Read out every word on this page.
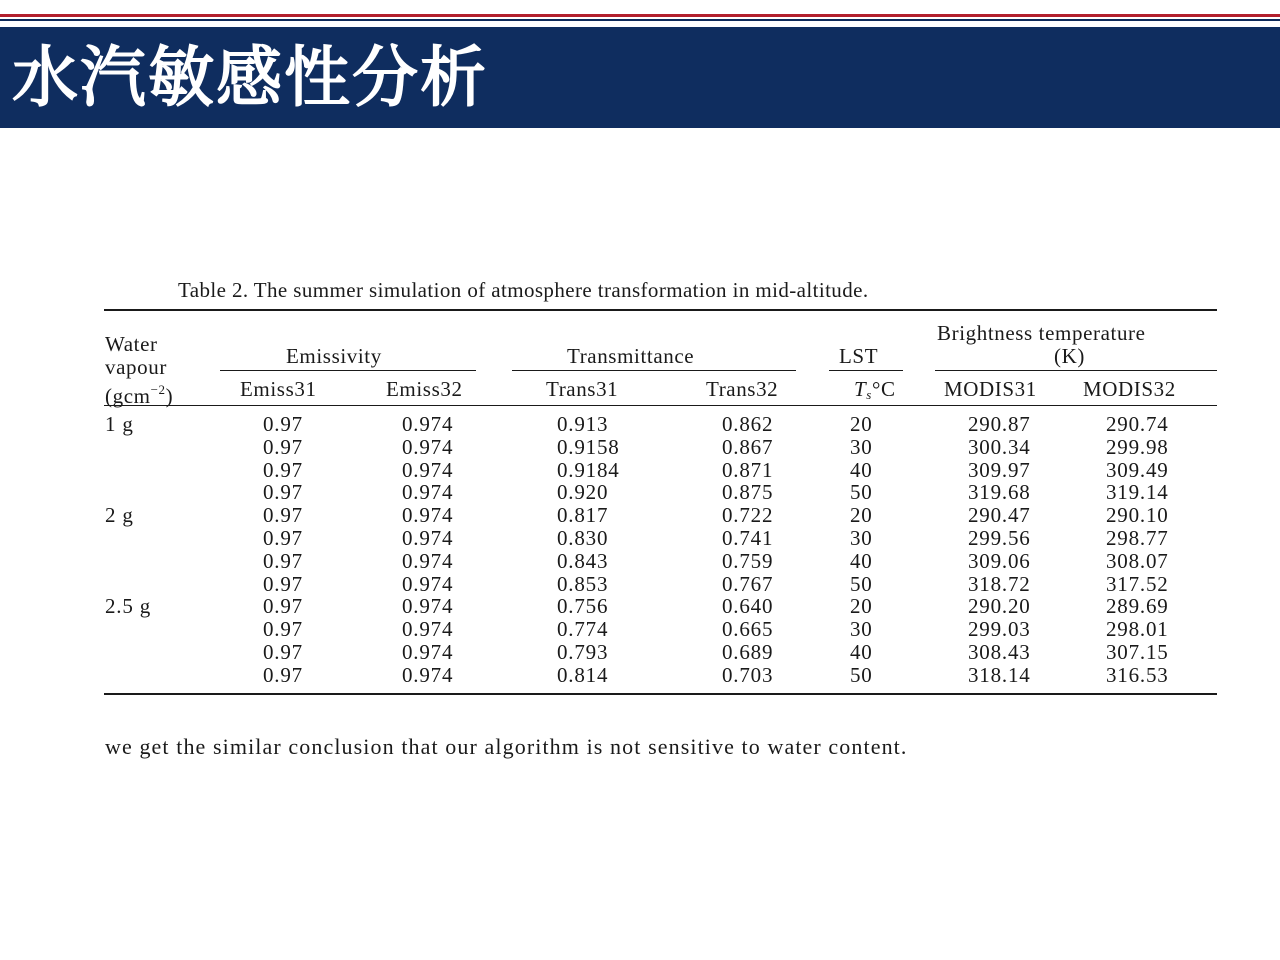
水汽敏感性分析
Table 2. The summer simulation of atmosphere transformation in mid-altitude.
Water
vapour
(gcm$^{-2}$)
Emissivity
Emiss31	Emiss32
Transmittance
Trans31	Trans32
LST
$T_s^\circ C$
Brightness temperature
(K)
MODIS31 MODIS32
1 g	0.97	0.974	0.913	0.862	20	290.87	290.74
0.97	0.974	0.9158	0.867	30	300.34	299.98
0.97	0.974	0.9184	0.871	40	309.97	309.49
0.97	0.974	0.920	0.875	50	319.68	319.14
2 g	0.97	0.974	0.817	0.722	20	290.47	290.10
0.97	0.974	0.830	0.741	30	299.56	298.77
0.97	0.974	0.843	0.759	40	309.06	308.07
0.97	0.974	0.853	0.767	50	318.72	317.52
2.5 g	0.97	0.974	0.756	0.640	20	290.20	289.69
0.97	0.974	0.774	0.665	30	299.03	298.01
0.97	0.974	0.793	0.689	40	308.43	307.15
0.97	0.974	0.814	0.703	50	318.14	316.53
we get the similar conclusion that our algorithm is not sensitive to water content.
